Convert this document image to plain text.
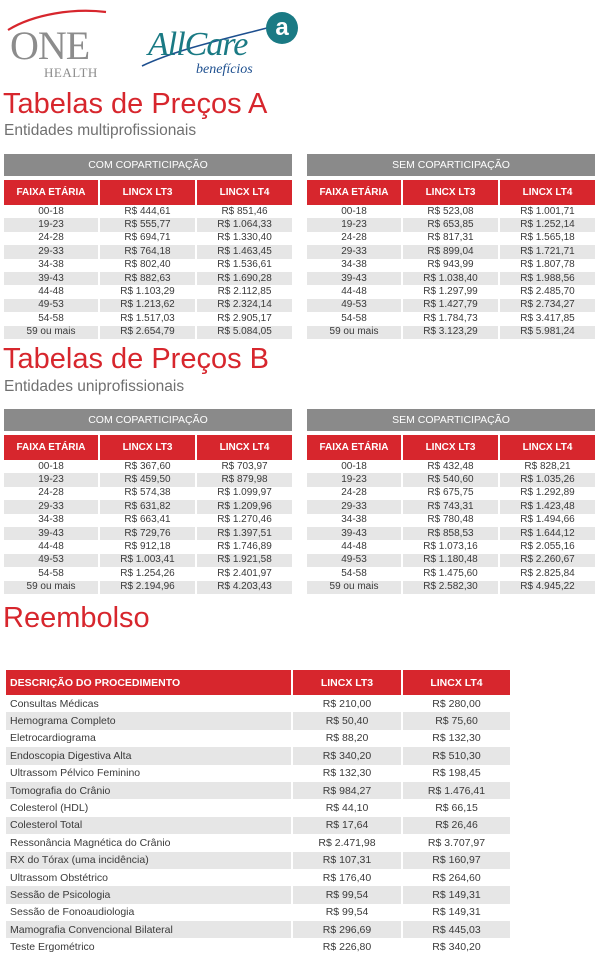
ONE
HEALTH
AllCare	a
benefícios
Tabelas de Preços A
Entidades multiprofissionais
COM COPARTICIPAÇÃO		

FAIXA ETÁRIA	LINCX LT3	LINCX LT4
00-18	R$ 444,61	R$ 851,46
19-23	R$ 555,77	R$ 1.064,33
24-28	R$ 694,71	R$ 1.330,40
29-33	R$ 764,18	R$ 1.463,45
34-38	R$ 802,40	R$ 1.536,61
39-43	R$ 882,63	R$ 1.690,28
44-48	R$ 1.103,29	R$ 2.112,85
49-53	R$ 1.213,62	R$ 2.324,14
54-58	R$ 1.517,03	R$ 2.905,17
59 ou mais	R$ 2.654,79	R$ 5.084,05
SEM COPARTICIPAÇÃO		

FAIXA ETÁRIA	LINCX LT3	LINCX LT4
00-18	R$ 523,08	R$ 1.001,71
19-23	R$ 653,85	R$ 1.252,14
24-28	R$ 817,31	R$ 1.565,18
29-33	R$ 899,04	R$ 1.721,71
34-38	R$ 943,99	R$ 1.807,78
39-43	R$ 1.038,40	R$ 1.988,56
44-48	R$ 1.297,99	R$ 2.485,70
49-53	R$ 1.427,79	R$ 2.734,27
54-58	R$ 1.784,73	R$ 3.417,85
59 ou mais	R$ 3.123,29	R$ 5.981,24
Tabelas de Preços B
Entidades uniprofissionais
COM COPARTICIPAÇÃO		

FAIXA ETÁRIA	LINCX LT3	LINCX LT4
00-18	R$ 367,60	R$ 703,97
19-23	R$ 459,50	R$ 879,98
24-28	R$ 574,38	R$ 1.099,97
29-33	R$ 631,82	R$ 1.209,96
34-38	R$ 663,41	R$ 1.270,46
39-43	R$ 729,76	R$ 1.397,51
44-48	R$ 912,18	R$ 1.746,89
49-53	R$ 1.003,41	R$ 1.921,58
54-58	R$ 1.254,26	R$ 2.401,97
59 ou mais	R$ 2.194,96	R$ 4.203,43
SEM COPARTICIPAÇÃO		

FAIXA ETÁRIA	LINCX LT3	LINCX LT4
00-18	R$ 432,48	R$ 828,21
19-23	R$ 540,60	R$ 1.035,26
24-28	R$ 675,75	R$ 1.292,89
29-33	R$ 743,31	R$ 1.423,48
34-38	R$ 780,48	R$ 1.494,66
39-43	R$ 858,53	R$ 1.644,12
44-48	R$ 1.073,16	R$ 2.055,16
49-53	R$ 1.180,48	R$ 2.260,67
54-58	R$ 1.475,60	R$ 2.825,84
59 ou mais	R$ 2.582,30	R$ 4.945,22
Reembolso
DESCRIÇÃO DO PROCEDIMENTO	LINCX LT3	LINCX LT4
Consultas Médicas	R$ 210,00	R$ 280,00
Hemograma Completo	R$ 50,40	R$ 75,60
Eletrocardiograma	R$ 88,20	R$ 132,30
Endoscopia Digestiva Alta	R$ 340,20	R$ 510,30
Ultrassom Pélvico Feminino	R$ 132,30	R$ 198,45
Tomografia do Crânio	R$ 984,27	R$ 1.476,41
Colesterol (HDL)	R$ 44,10	R$ 66,15
Colesterol Total	R$ 17,64	R$ 26,46
Ressonância Magnética do Crânio	R$ 2.471,98	R$ 3.707,97
RX do Tórax (uma incidência)	R$ 107,31	R$ 160,97
Ultrassom Obstétrico	R$ 176,40	R$ 264,60
Sessão de Psicologia	R$ 99,54	R$ 149,31
Sessão de Fonoaudiologia	R$ 99,54	R$ 149,31
Mamografia Convencional Bilateral	R$ 296,69	R$ 445,03
Teste Ergométrico	R$ 226,80	R$ 340,20
